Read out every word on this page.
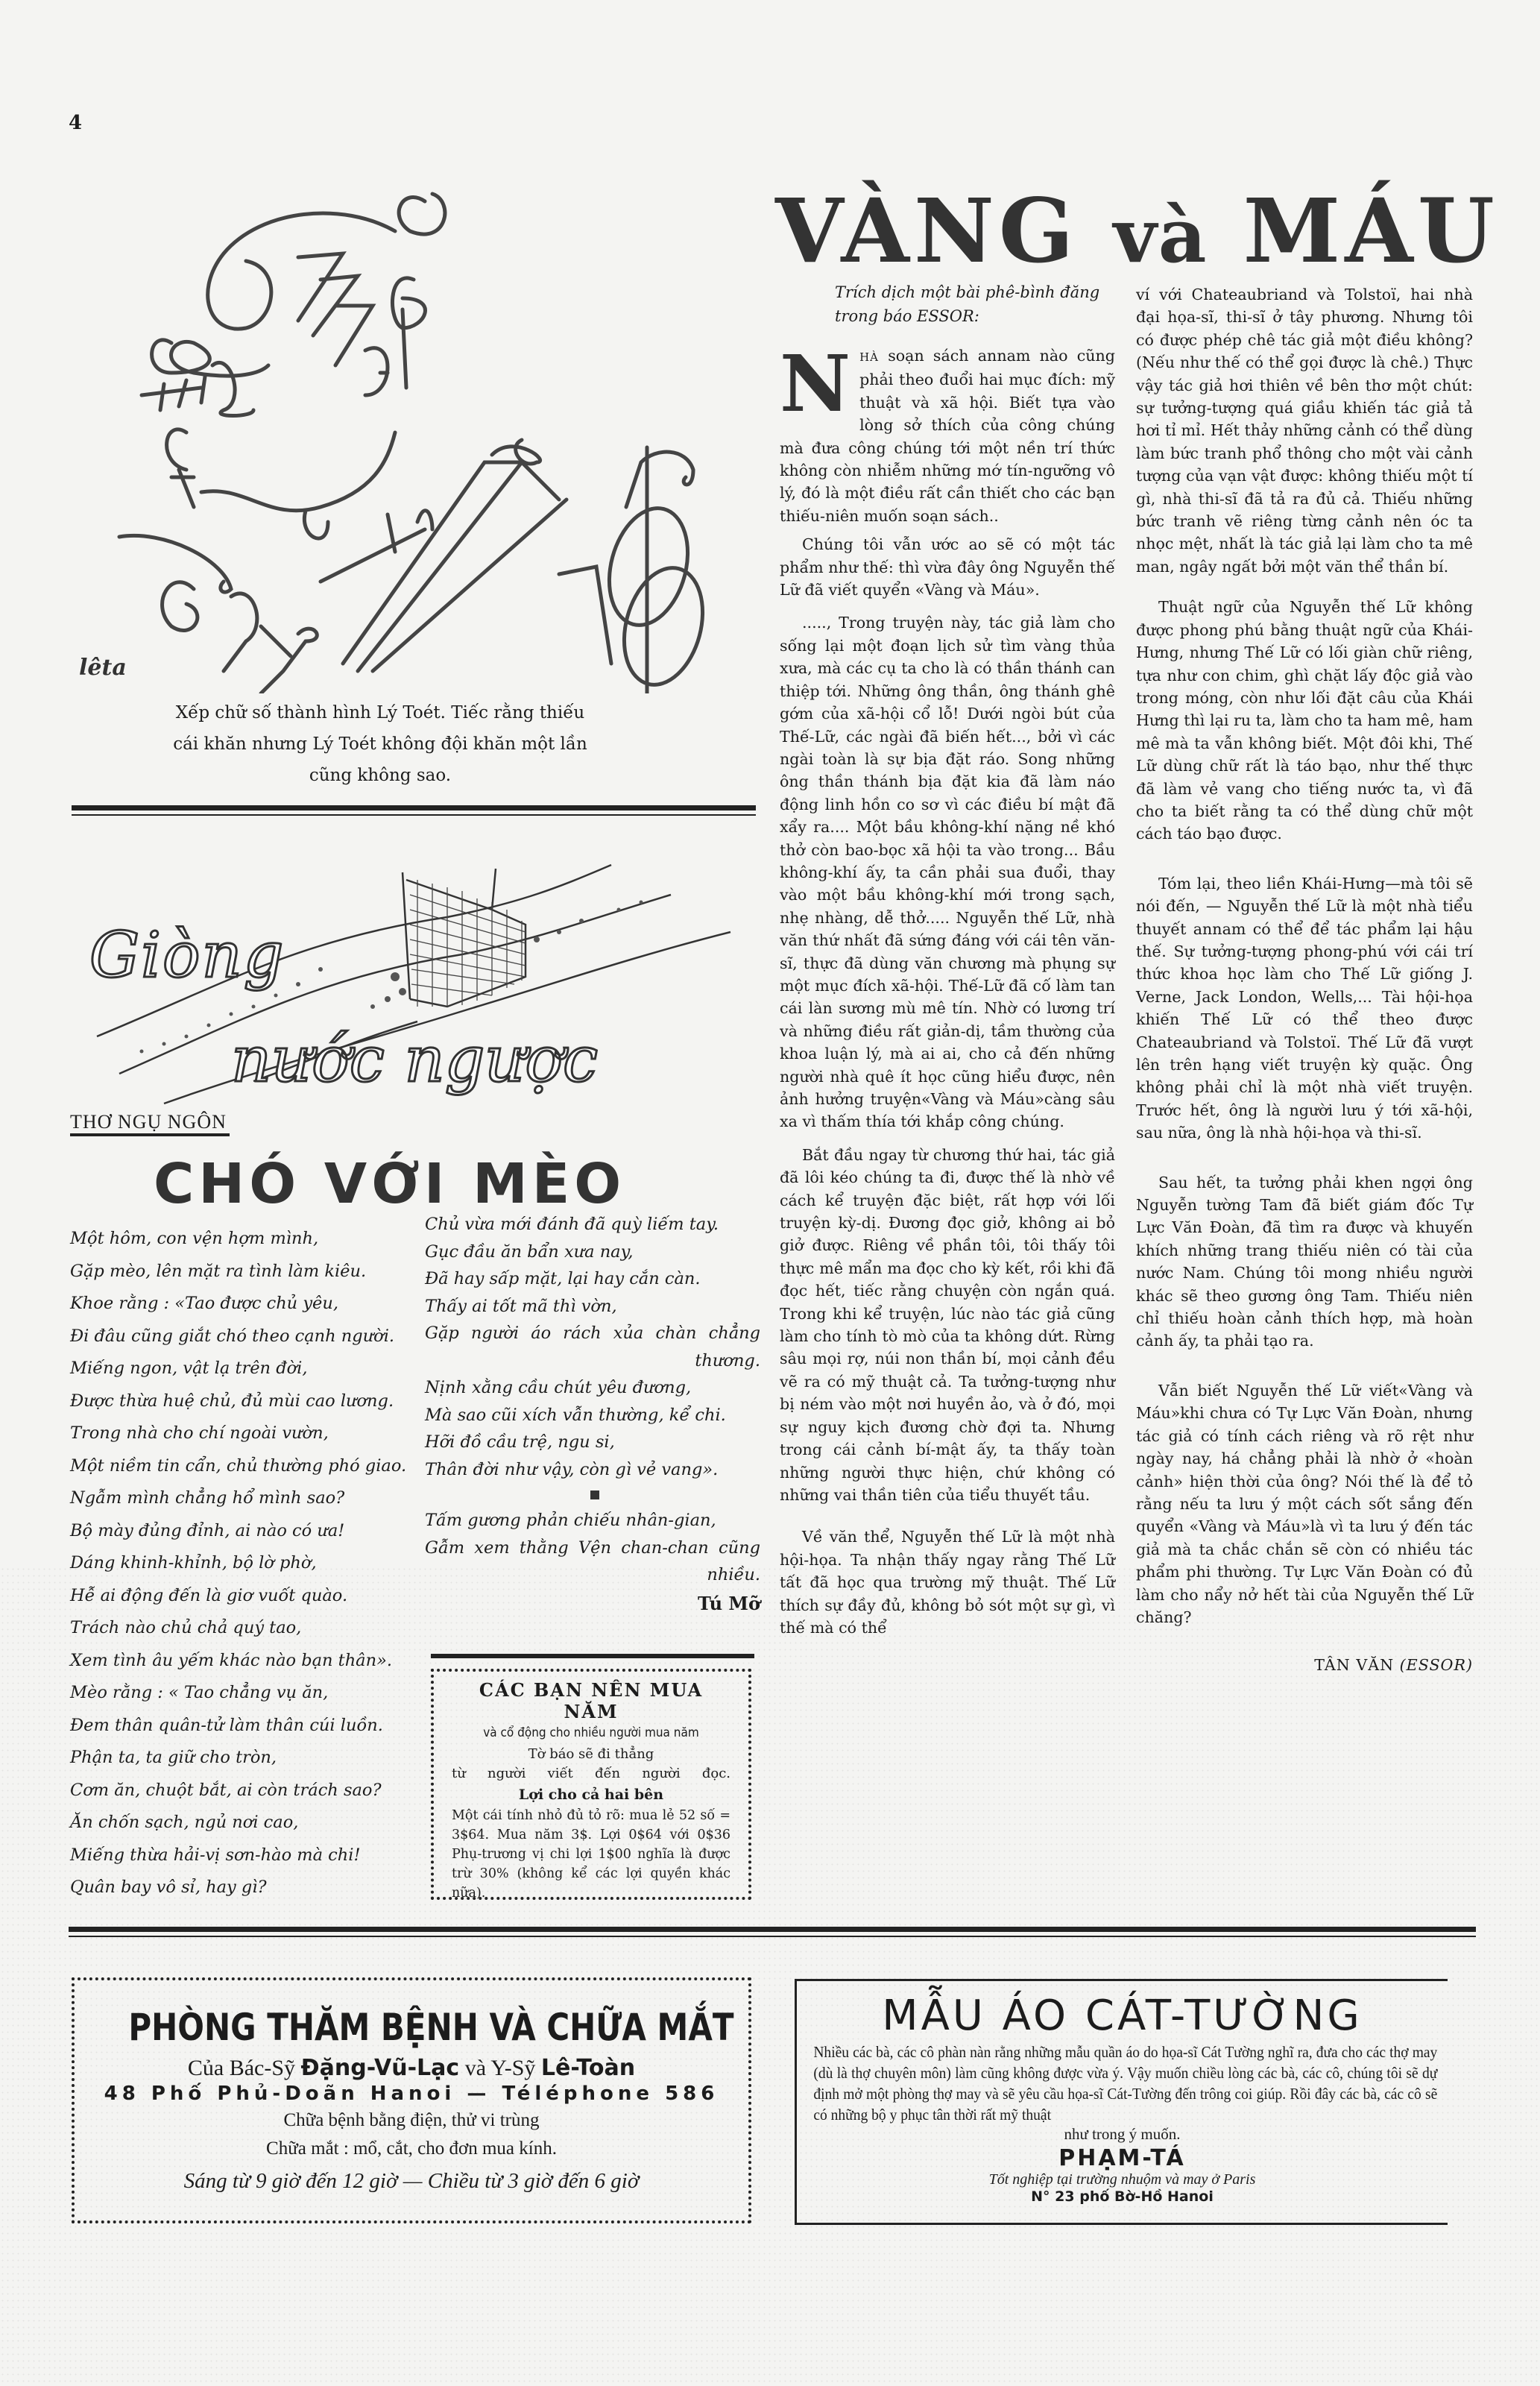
4
lêta
Xếp chữ số thành hình Lý Toét. Tiếc rằng thiếu
cái khăn nhưng Lý Toét không đội khăn một lần
cũng không sao.
Giòng
nước ngược
THƠ NGỤ NGÔN
CHÓ VỚI MÈO
Một hôm, con vện hợm mình,
Gặp mèo, lên mặt ra tình làm kiêu.
Khoe rằng : «Tao được chủ yêu,
Đi đâu cũng giắt chó theo cạnh người.
Miếng ngon, vật lạ trên đời,
Được thừa huệ chủ, đủ mùi cao lương.
Trong nhà cho chí ngoài vườn,
Một niềm tin cẩn, chủ thường phó giao.
Ngẫm mình chẳng hổ mình sao?
Bộ mày đủng đỉnh, ai nào có ưa!
Dáng khinh-khỉnh, bộ lờ phờ,
Hễ ai động đến là giơ vuốt quào.
Trách nào chủ chả quý tao,
Xem tình âu yếm khác nào bạn thân».
Mèo rằng : « Tao chẳng vụ ăn,
Đem thân quân-tử làm thân cúi luồn.
Phận ta, ta giữ cho tròn,
Cơm ăn, chuột bắt, ai còn trách sao?
Ăn chốn sạch, ngủ nơi cao,
Miếng thừa hải-vị sơn-hào mà chi!
Quân bay vô sỉ, hay gì?
Chủ vừa mới đánh đã quỳ liếm tay.
Gục đầu ăn bẩn xưa nay,
Đã hay sấp mặt, lại hay cắn càn.
Thấy ai tốt mã thì vờn,
Gặp người áo rách xủa chàn chẳng
thương.
Nịnh xằng cầu chút yêu đương,
Mà sao cũi xích vẫn thường, kể chi.
Hỡi đồ cầu trệ, ngu si,
Thân đời như vậy, còn gì vẻ vang».
Tấm gương phản chiếu nhân-gian,
Gẫm xem thằng Vện chan-chan cũng
nhiều.
Tú Mỡ
CÁC BẠN NÊN MUA NĂM
và cổ động cho nhiều người mua năm
Tờ báo sẽ đi thẳng
từ người viết đến người đọc.
Lợi cho cả hai bên
Một cái tính nhỏ đủ tỏ rõ: mua lẻ 52 số = 3$64. Mua năm 3$. Lợi 0$64 với 0$36 Phụ-trương vị chi lợi 1$00 nghĩa là được trừ 30% (không kể các lợi quyền khác nữa).
VÀNG và MÁU

Trích dịch một bài phê-bình đăng trong báo ESSOR:

NHÀ soạn sách annam nào cũng phải theo đuổi hai mục đích: mỹ thuật và xã hội. Biết tựa vào lòng sở thích của công chúng mà đưa công chúng tới một nền trí thức không còn nhiễm những mớ tín-ngưỡng vô lý, đó là một điều rất cần thiết cho các bạn thiếu-niên muốn soạn sách..

Chúng tôi vẫn ước ao sẽ có một tác phẩm như thế: thì vừa đây ông Nguyễn thế Lữ đã viết quyển «Vàng và Máu».

....., Trong truyện này, tác giả làm cho sống lại một đoạn lịch sử tìm vàng thủa xưa, mà các cụ ta cho là có thần thánh can thiệp tới. Những ông thần, ông thánh ghê gớm của xã-hội cổ lỗ! Dưới ngòi bút của Thế-Lữ, các ngài đã biến hết..., bởi vì các ngài toàn là sự bịa đặt ráo. Song những ông thần thánh bịa đặt kia đã làm náo động linh hồn co sơ vì các điều bí mật đã xẩy ra.... Một bầu không-khí nặng nề khó thở còn bao-bọc xã hội ta vào trong... Bầu không-khí ấy, ta cần phải sua đuổi, thay vào một bầu không-khí mới trong sạch, nhẹ nhàng, dễ thở..... Nguyễn thế Lữ, nhà văn thứ nhất đã sứng đáng với cái tên văn-sĩ, thực đã dùng văn chương mà phụng sự một mục đích xã-hội. Thế-Lữ đã cố làm tan cái làn sương mù mê tín. Nhờ có lương trí và những điều rất giản-dị, tầm thường của khoa luận lý, mà ai ai, cho cả đến những người nhà quê ít học cũng hiểu được, nên ảnh hưởng truyện«Vàng và Máu»càng sâu xa vì thấm thía tới khắp công chúng.

Bắt đầu ngay từ chương thứ hai, tác giả đã lôi kéo chúng ta đi, được thế là nhờ về cách kể truyện đặc biệt, rất hợp với lối truyện kỳ-dị. Đương đọc giở, không ai bỏ giở được. Riêng về phần tôi, tôi thấy tôi thực mê mẩn ma đọc cho kỳ kết, rồi khi đã đọc hết, tiếc rằng chuyện còn ngắn quá. Trong khi kể truyện, lúc nào tác giả cũng làm cho tính tò mò của ta không dứt. Rừng sâu mọi rợ, núi non thần bí, mọi cảnh đều vẽ ra có mỹ thuật cả. Ta tưởng-tượng như bị ném vào một nơi huyền ảo, và ở đó, mọi sự nguy kịch đương chờ đợi ta. Nhưng trong cái cảnh bí-mật ấy, ta thấy toàn những người thực hiện, chứ không có những vai thần tiên của tiểu thuyết tầu.

Về văn thể, Nguyễn thế Lữ là một nhà hội-họa. Ta nhận thấy ngay rằng Thế Lữ tất đã học qua trường mỹ thuật. Thế Lữ thích sự đầy đủ, không bỏ sót một sự gì, vì thế mà có thể

ví với Chateaubriand và Tolstoï, hai nhà đại họa-sĩ, thi-sĩ ở tây phương. Nhưng tôi có được phép chê tác giả một điều không? (Nếu như thế có thể gọi được là chê.) Thực vậy tác giả hơi thiên về bên thơ một chút: sự tưởng-tượng quá giầu khiến tác giả tả hơi tỉ mỉ. Hết thảy những cảnh có thể dùng làm bức tranh phổ thông cho một vài cảnh tượng của vạn vật được: không thiếu một tí gì, nhà thi-sĩ đã tả ra đủ cả. Thiếu những bức tranh vẽ riêng từng cảnh nên óc ta nhọc mệt, nhất là tác giả lại làm cho ta mê man, ngây ngất bởi một văn thể thần bí.

Thuật ngữ của Nguyễn thế Lữ không được phong phú bằng thuật ngữ của Khái-Hưng, nhưng Thế Lữ có lối giàn chữ riêng, tựa như con chim, ghì chặt lấy độc giả vào trong móng, còn như lối đặt câu của Khái Hưng thì lại ru ta, làm cho ta ham mê, ham mê mà ta vẫn không biết. Một đôi khi, Thế Lữ dùng chữ rất là táo bạo, như thế thực đã làm vẻ vang cho tiếng nước ta, vì đã cho ta biết rằng ta có thể dùng chữ một cách táo bạo được.

Tóm lại, theo liền Khái-Hưng—mà tôi sẽ nói đến, — Nguyễn thế Lữ là một nhà tiểu thuyết annam có thể để tác phẩm lại hậu thế. Sự tưởng-tượng phong-phú với cái trí thức khoa học làm cho Thế Lữ giống J. Verne, Jack London, Wells,... Tài hội-họa khiến Thế Lữ có thể theo được Chateaubriand và Tolstoï. Thế Lữ đã vượt lên trên hạng viết truyện kỳ quặc. Ông không phải chỉ là một nhà viết truyện. Trước hết, ông là người lưu ý tới xã-hội, sau nữa, ông là nhà hội-họa và thi-sĩ.

Sau hết, ta tưởng phải khen ngợi ông Nguyễn tường Tam đã biết giám đốc Tự Lực Văn Đoàn, đã tìm ra được và khuyến khích những trang thiếu niên có tài của nước Nam. Chúng tôi mong nhiều người khác sẽ theo gương ông Tam. Thiếu niên chỉ thiếu hoàn cảnh thích hợp, mà hoàn cảnh ấy, ta phải tạo ra.

Vẫn biết Nguyễn thế Lữ viết«Vàng và Máu»khi chưa có Tự Lực Văn Đoàn, nhưng tác giả có tính cách riêng và rõ rệt như ngày nay, há chẳng phải là nhờ ở «hoàn cảnh» hiện thời của ông? Nói thế là để tỏ rằng nếu ta lưu ý một cách sốt sắng đến quyển «Vàng và Máu»là vì ta lưu ý đến tác giả mà ta chắc chắn sẽ còn có nhiều tác phẩm phi thường. Tự Lực Văn Đoàn có đủ làm cho nẩy nở hết tài của Nguyễn thế Lữ chăng?

TÂN VĂN (ESSOR)
PHÒNG THĂM BỆNH VÀ CHỮA MẮT
Của Bác-Sỹ Đặng-Vũ-Lạc và Y-Sỹ Lê-Toàn
48 Phố Phủ-Doãn Hanoi — Téléphone 586
Chữa bệnh bằng điện, thử vi trùng
Chữa mắt : mổ, cắt, cho đơn mua kính.
Sáng từ 9 giờ đến 12 giờ — Chiều từ 3 giờ đến 6 giờ
MẪU ÁO CÁT-TƯỜNG
Nhiều các bà, các cô phàn nàn rằng những mẫu quần áo do họa-sĩ Cát Tường nghĩ ra, đưa cho các thợ may (dù là thợ chuyên môn) làm cũng không được vừa ý. Vậy muốn chiều lòng các bà, các cô, chúng tôi sẽ dự định mở một phòng thợ may và sẽ yêu cầu họa-sĩ Cát-Tường đến trông coi giúp. Rồi đây các bà, các cô sẽ có những bộ y phục tân thời rất mỹ thuật
như trong ý muốn.
PHẠM-TÁ
Tốt nghiệp tại trường nhuộm và may ở Paris
N° 23 phố Bờ-Hồ Hanoi
